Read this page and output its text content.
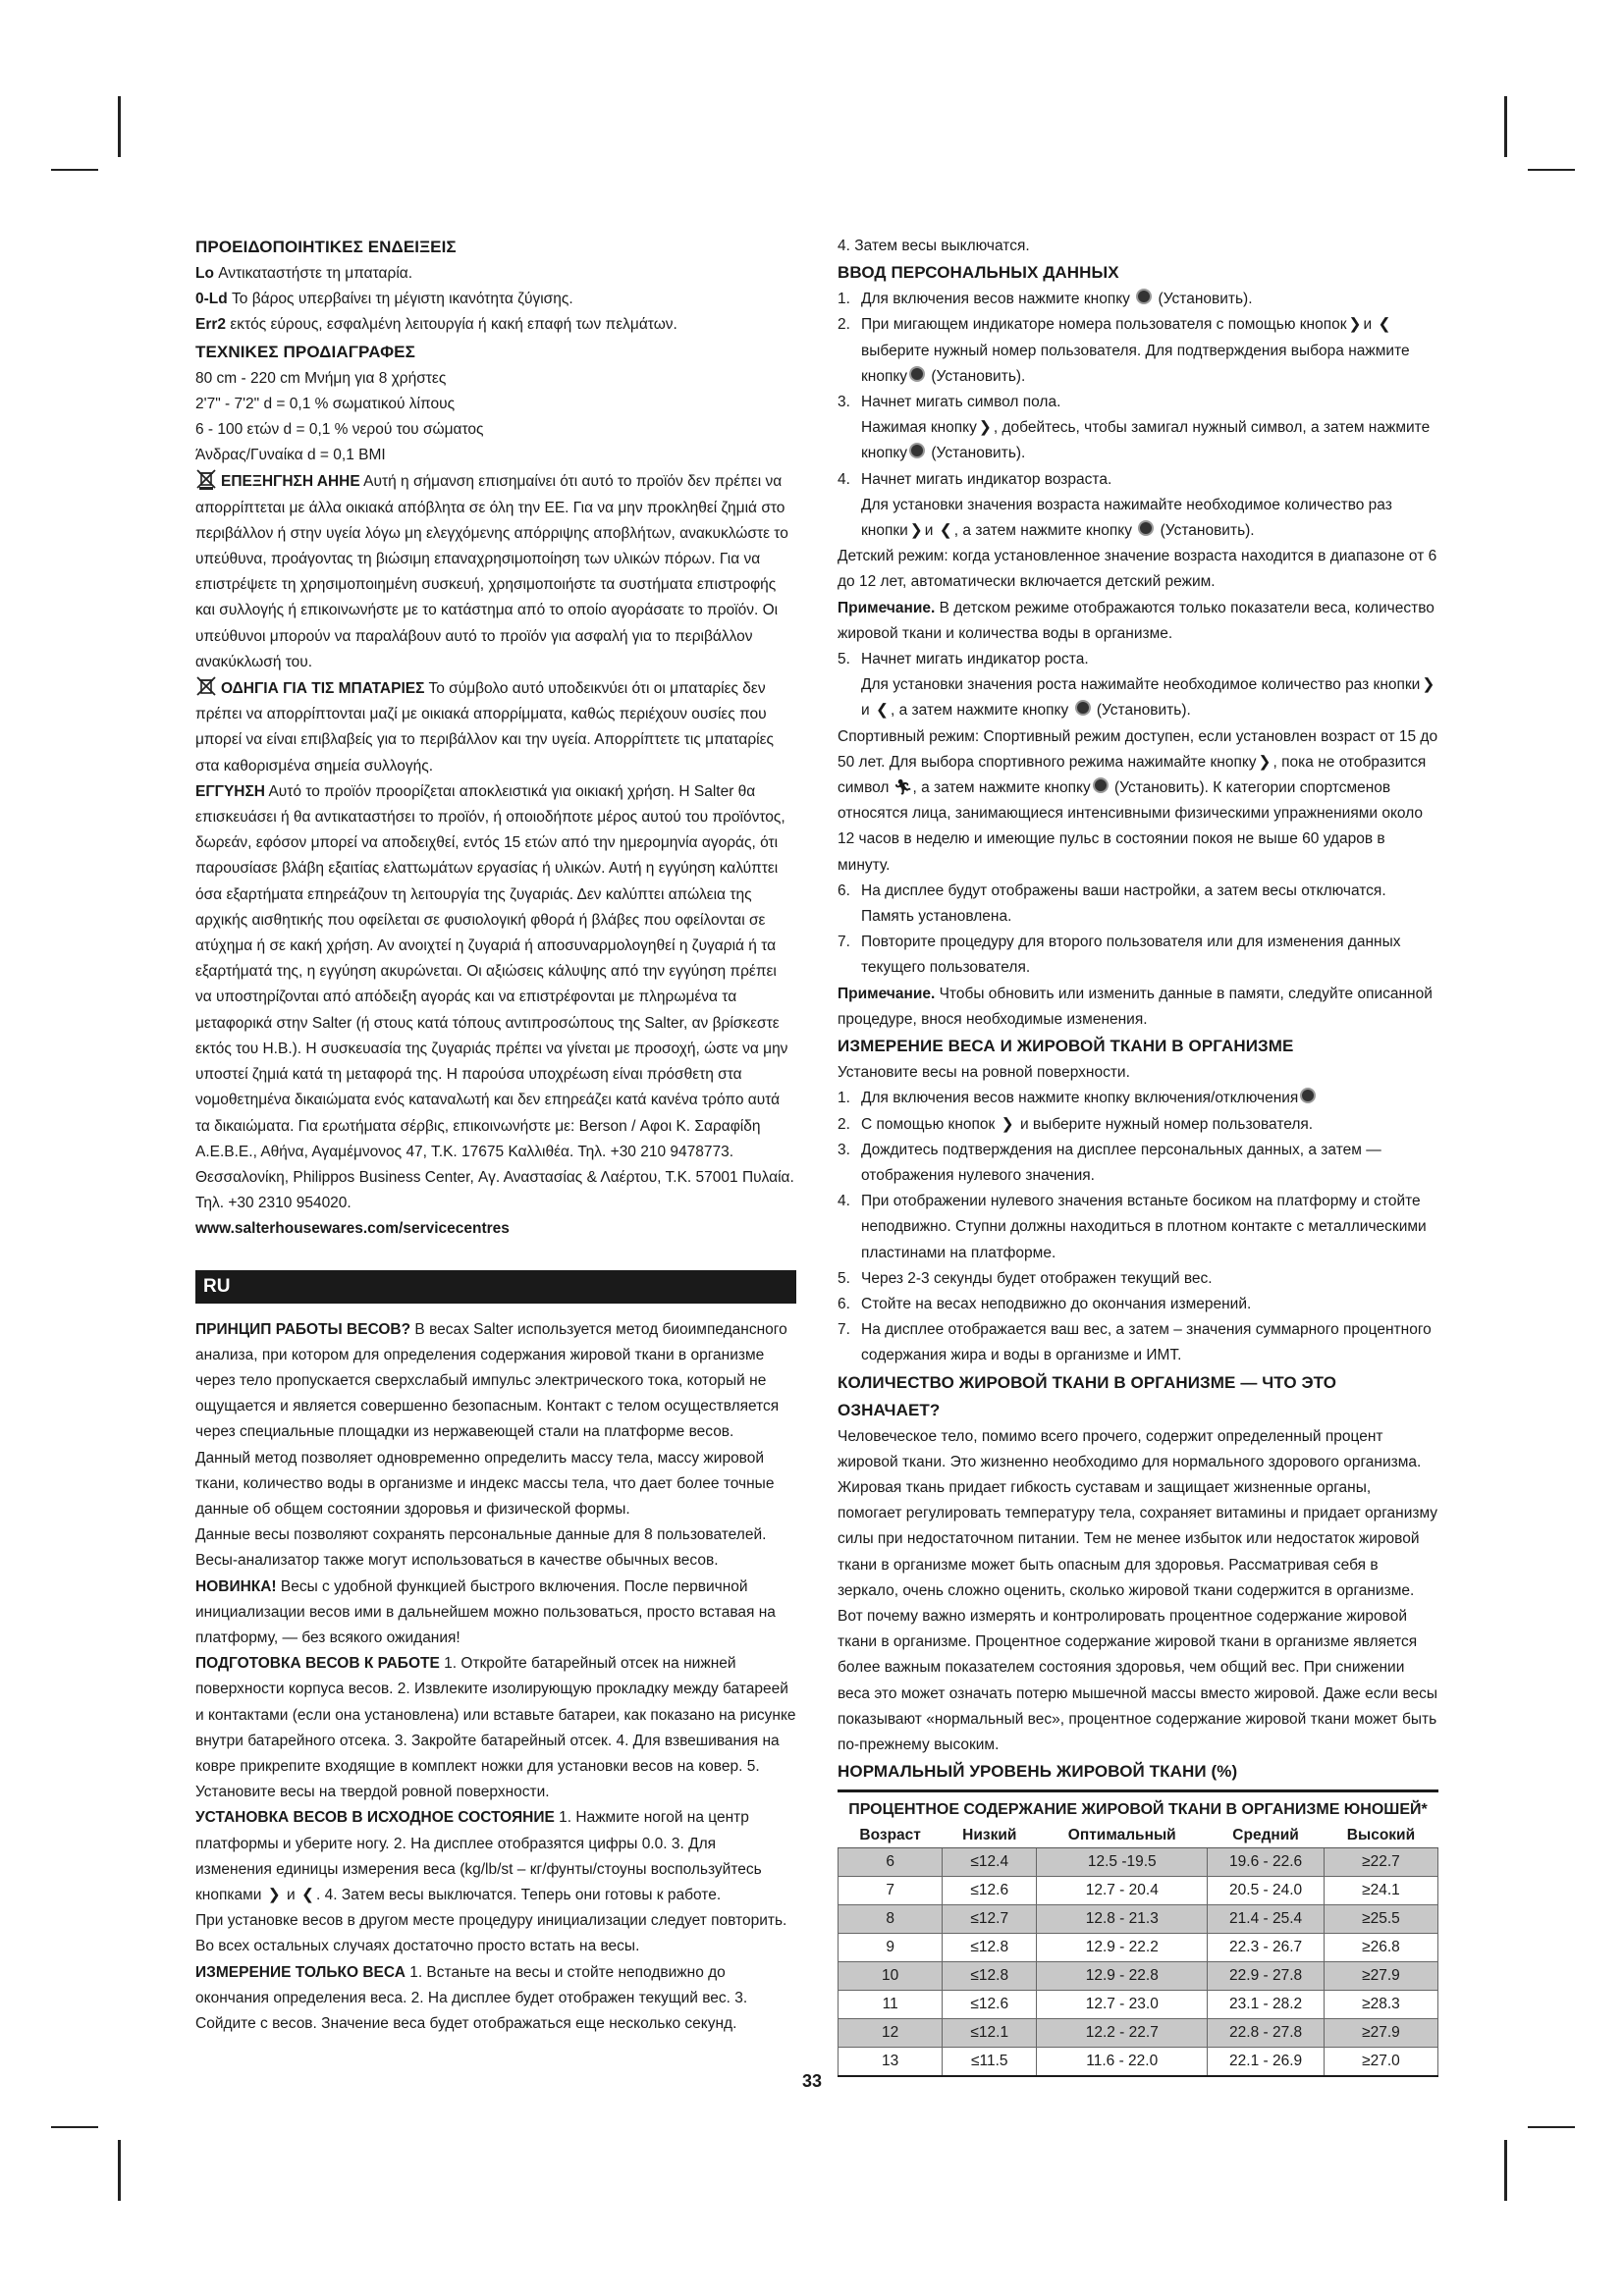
ΠΡΟΕΙΔΟΠΟΙΗΤΙΚΕΣ ΕΝΔΕΙΞΕΙΣ

Lo Αντικαταστήστε τη μπαταρία.

0-Ld Το βάρος υπερβαίνει τη μέγιστη ικανότητα ζύγισης.

Err2 εκτός εύρους, εσφαλμένη λειτουργία ή κακή επαφή των πελμάτων.

ΤΕΧΝΙΚΕΣ ΠΡΟΔΙΑΓΡΑΦΕΣ

80 cm - 220 cm Μνήμη για 8 χρήστες

2'7" - 7'2" d = 0,1 % σωματικού λίπους

6 - 100 ετών d = 0,1 % νερού του σώματος

Άνδρας/Γυναίκα d = 0,1 BMI

ΕΠΕΞΗΓΗΣΗ ΑΗΗΕ Αυτή η σήμανση επισημαίνει ότι αυτό το προϊόν δεν πρέπει να απορρίπτεται με άλλα οικιακά απόβλητα σε όλη την ΕΕ. Για να μην προκληθεί ζημιά στο περιβάλλον ή στην υγεία λόγω μη ελεγχόμενης απόρριψης αποβλήτων, ανακυκλώστε το υπεύθυνα, προάγοντας τη βιώσιμη επαναχρησιμοποίηση των υλικών πόρων. Για να επιστρέψετε τη χρησιμοποιημένη συσκευή, χρησιμοποιήστε τα συστήματα επιστροφής και συλλογής ή επικοινωνήστε με το κατάστημα από το οποίο αγοράσατε το προϊόν. Οι υπεύθυνοι μπορούν να παραλάβουν αυτό το προϊόν για ασφαλή για το περιβάλλον ανακύκλωσή του.

ΟΔΗΓΙΑ ΓΙΑ ΤΙΣ ΜΠΑΤΑΡΙΕΣ Το σύμβολο αυτό υποδεικνύει ότι οι μπαταρίες δεν πρέπει να απορρίπτονται μαζί με οικιακά απορρίμματα, καθώς περιέχουν ουσίες που μπορεί να είναι επιβλαβείς για το περιβάλλον και την υγεία. Απορρίπτετε τις μπαταρίες στα καθορισμένα σημεία συλλογής.

ΕΓΓΥΗΣΗ Αυτό το προϊόν προορίζεται αποκλειστικά για οικιακή χρήση. Η Salter θα επισκευάσει ή θα αντικαταστήσει το προϊόν, ή οποιοδήποτε μέρος αυτού του προϊόντος, δωρεάν, εφόσον μπορεί να αποδειχθεί, εντός 15 ετών από την ημερομηνία αγοράς, ότι παρουσίασε βλάβη εξαιτίας ελαττωμάτων εργασίας ή υλικών. Αυτή η εγγύηση καλύπτει όσα εξαρτήματα επηρεάζουν τη λειτουργία της ζυγαριάς. Δεν καλύπτει απώλεια της αρχικής αισθητικής που οφείλεται σε φυσιολογική φθορά ή βλάβες που οφείλονται σε ατύχημα ή σε κακή χρήση. Αν ανοιχτεί η ζυγαριά ή αποσυναρμολογηθεί η ζυγαριά ή τα εξαρτήματά της, η εγγύηση ακυρώνεται. Οι αξιώσεις κάλυψης από την εγγύηση πρέπει να υποστηρίζονται από απόδειξη αγοράς και να επιστρέφονται με πληρωμένα τα μεταφορικά στην Salter (ή στους κατά τόπους αντιπροσώπους της Salter, αν βρίσκεστε εκτός του Η.Β.). Η συσκευασία της ζυγαριάς πρέπει να γίνεται με προσοχή, ώστε να μην υποστεί ζημιά κατά τη μεταφορά της. Η παρούσα υποχρέωση είναι πρόσθετη στα νομοθετημένα δικαιώματα ενός καταναλωτή και δεν επηρεάζει κατά κανένα τρόπο αυτά τα δικαιώματα. Για ερωτήματα σέρβις, επικοινωνήστε με: Berson / Αφοι Κ. Σαραφίδη Α.Ε.Β.Ε., Αθήνα, Αγαμέμνονος 47, Τ.Κ. 17675 Καλλιθέα. Τηλ. +30 210 9478773. Θεσσαλονίκη, Philippos Business Center, Αγ. Αναστασίας & Λαέρτου, Τ.Κ. 57001 Πυλαία. Τηλ. +30 2310 954020.

www.salterhousewares.com/servicecentres

RU

ПРИНЦИП РАБОТЫ ВЕСОВ? В весах Salter используется метод биоимпедансного анализа, при котором для определения содержания жировой ткани в организме через тело пропускается сверхслабый импульс электрического тока, который не ощущается и является совершенно безопасным. Контакт с телом осуществляется через специальные площадки из нержавеющей стали на платформе весов.

Данный метод позволяет одновременно определить массу тела, массу жировой ткани, количество воды в организме и индекс массы тела, что дает более точные данные об общем состоянии здоровья и физической формы.

Данные весы позволяют сохранять персональные данные для 8 пользователей. Весы-анализатор также могут использоваться в качестве обычных весов.

НОВИНКА! Весы с удобной функцией быстрого включения. После первичной инициализации весов ими в дальнейшем можно пользоваться, просто вставая на платформу, — без всякого ожидания!

ПОДГОТОВКА ВЕСОВ К РАБОТЕ 1. Откройте батарейный отсек на нижней поверхности корпуса весов. 2. Извлеките изолирующую прокладку между батареей и контактами (если она установлена) или вставьте батареи, как показано на рисунке внутри батарейного отсека. 3. Закройте батарейный отсек. 4. Для взвешивания на ковре прикрепите входящие в комплект ножки для установки весов на ковер. 5. Установите весы на твердой ровной поверхности.

УСТАНОВКА ВЕСОВ В ИСХОДНОЕ СОСТОЯНИЕ 1. Нажмите ногой на центр платформы и уберите ногу. 2. На дисплее отобразятся цифры 0.0. 3. Для изменения единицы измерения веса (kg/lb/st – кг/фунты/стоуны воспользуйтесь кнопками ❯ и ❮ . 4. Затем весы выключатся. Теперь они готовы к работе.

При установке весов в другом месте процедуру инициализации следует повторить. Во всех остальных случаях достаточно просто встать на весы.

ИЗМЕРЕНИЕ ТОЛЬКО ВЕСА 1. Встаньте на весы и стойте неподвижно до окончания определения веса. 2. На дисплее будет отображен текущий вес. 3. Сойдите с весов. Значение веса будет отображаться еще несколько секунд.

4. Затем весы выключатся.

ВВОД ПЕРСОНАЛЬНЫХ ДАННЫХ

1. Для включения весов нажмите кнопку (Установить).
2. При мигающем индикаторе номера пользователя с помощью кнопок ❯ и ❮ выберите нужный номер пользователя. Для подтверждения выбора нажмите кнопку (Установить).
3. Начнет мигать символ пола.
Нажимая кнопку ❯ , добейтесь, чтобы замигал нужный символ, а затем нажмите кнопку (Установить).
4. Начнет мигать индикатор возраста.
Для установки значения возраста нажимайте необходимое количество раз кнопки ❯ и ❮ , а затем нажмите кнопку (Установить).

Детский режим: когда установленное значение возраста находится в диапазоне от 6 до 12 лет, автоматически включается детский режим.

Примечание. В детском режиме отображаются только показатели веса, количество жировой ткани и количества воды в организме.

5. Начнет мигать индикатор роста.
Для установки значения роста нажимайте необходимое количество раз кнопки ❯и ❮ , а затем нажмите кнопку (Установить).

Спортивный режим: Спортивный режим доступен, если установлен возраст от 15 до 50 лет. Для выбора спортивного режима нажимайте кнопку ❯ , пока не отобразится символ 🏃︎, а затем нажмите кнопку (Установить). К категории спортсменов относятся лица, занимающиеся интенсивными физическими упражнениями около 12 часов в неделю и имеющие пульс в состоянии покоя не выше 60 ударов в минуту.

6. На дисплее будут отображены ваши настройки, а затем весы отключатся. Память установлена.
7. Повторите процедуру для второго пользователя или для изменения данных текущего пользователя.

Примечание. Чтобы обновить или изменить данные в памяти, следуйте описанной процедуре, внося необходимые изменения.

ИЗМЕРЕНИЕ ВЕСА И ЖИРОВОЙ ТКАНИ В ОРГАНИЗМЕ

Установите весы на ровной поверхности.

1. Для включения весов нажмите кнопку включения/отключения
2. С помощью кнопок ❯ и выберите нужный номер пользователя.
3. Дождитесь подтверждения на дисплее персональных данных, а затем — отображения нулевого значения.
4. При отображении нулевого значения встаньте босиком на платформу и стойте неподвижно. Ступни должны находиться в плотном контакте с металлическими пластинами на платформе.
5. Через 2-3 секунды будет отображен текущий вес.
6. Стойте на весах неподвижно до окончания измерений.
7. На дисплее отображается ваш вес, а затем – значения суммарного процентного содержания жира и воды в организме и ИМТ.

КОЛИЧЕСТВО ЖИРОВОЙ ТКАНИ В ОРГАНИЗМЕ — ЧТО ЭТО ОЗНАЧАЕТ?

Человеческое тело, помимо всего прочего, содержит определенный процент жировой ткани. Это жизненно необходимо для нормального здорового организма. Жировая ткань придает гибкость суставам и защищает жизненные органы, помогает регулировать температуру тела, сохраняет витамины и придает организму силы при недостаточном питании. Тем не менее избыток или недостаток жировой ткани в организме может быть опасным для здоровья. Рассматривая себя в зеркало, очень сложно оценить, сколько жировой ткани содержится в организме.

Вот почему важно измерять и контролировать процентное содержание жировой ткани в организме. Процентное содержание жировой ткани в организме является более важным показателем состояния здоровья, чем общий вес. При снижении веса это может означать потерю мышечной массы вместо жировой. Даже если весы показывают «нормальный вес», процентное содержание жировой ткани может быть по-прежнему высоким.

НОРМАЛЬНЫЙ УРОВЕНЬ ЖИРОВОЙ ТКАНИ (%)

ПРОЦЕНТНОЕ СОДЕРЖАНИЕ ЖИРОВОЙ ТКАНИ В ОРГАНИЗМЕ ЮНОШЕЙ*
Возраст	Низкий	Оптимальный	Средний	Высокий
6	≤12.4	12.5 -19.5	19.6 - 22.6	≥22.7
7	≤12.6	12.7 - 20.4	20.5 - 24.0	≥24.1
8	≤12.7	12.8 - 21.3	21.4 - 25.4	≥25.5
9	≤12.8	12.9 - 22.2	22.3 - 26.7	≥26.8
10	≤12.8	12.9 - 22.8	22.9 - 27.8	≥27.9
11	≤12.6	12.7 - 23.0	23.1 - 28.2	≥28.3
12	≤12.1	12.2 - 22.7	22.8 - 27.8	≥27.9
13	≤11.5	11.6 - 22.0	22.1 - 26.9	≥27.0
33
